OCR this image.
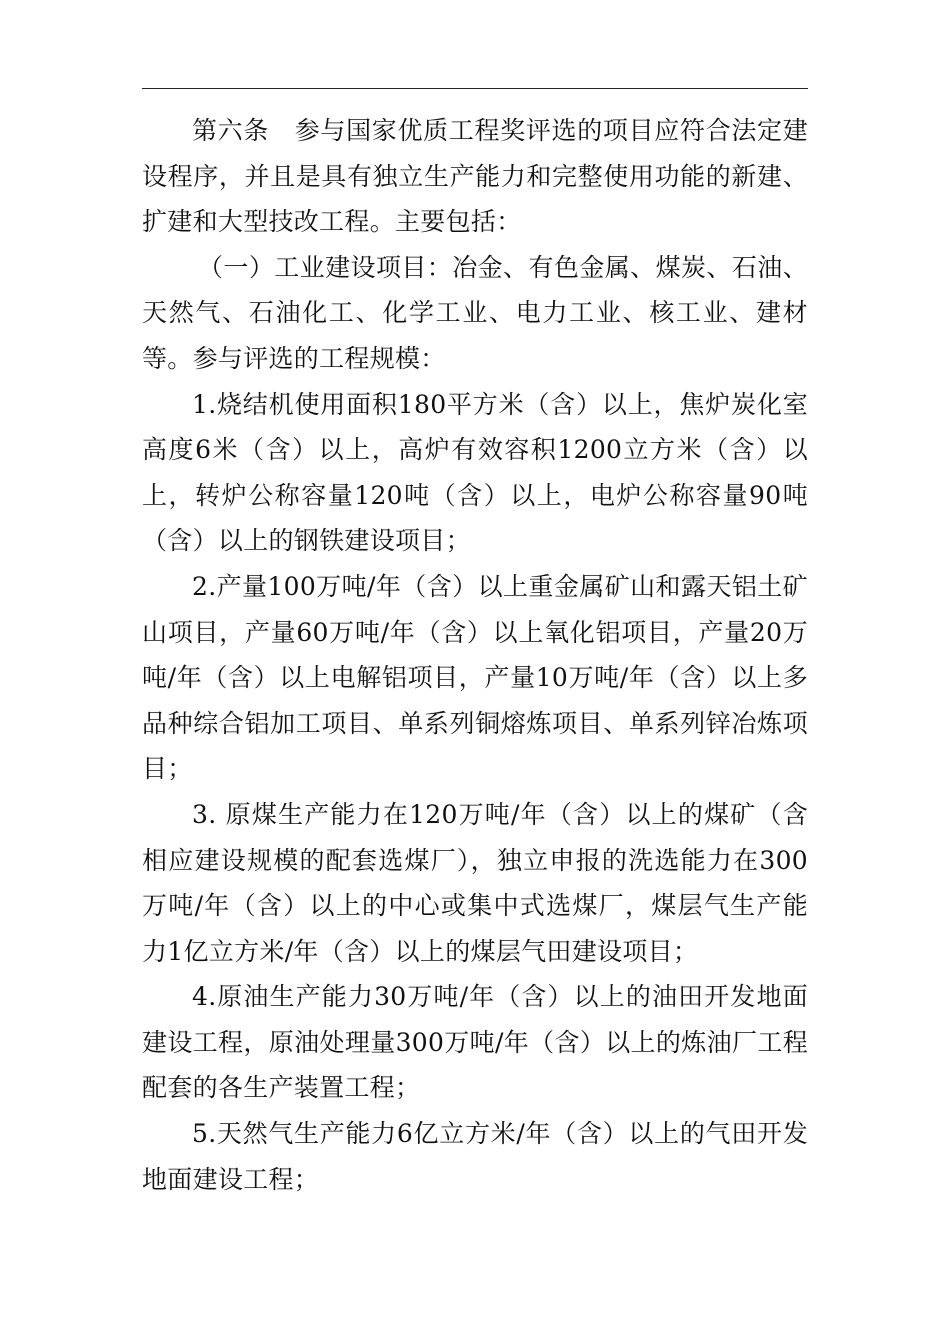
第六条　参与国家优质工程奖评选的项目应符合法定建设程序，并且是具有独立生产能力和完整使用功能的新建、扩建和大型技改工程。主要包括：

（一）工业建设项目：冶金、有色金属、煤炭、石油、天然气、石油化工、化学工业、电力工业、核工业、建材等。参与评选的工程规模：

1.烧结机使用面积180平方米（含）以上，焦炉炭化室高度6米（含）以上，高炉有效容积1200立方米（含）以上，转炉公称容量120吨（含）以上，电炉公称容量90吨（含）以上的钢铁建设项目；

2.产量100万吨/年（含）以上重金属矿山和露天铝土矿山项目，产量60万吨/年（含）以上氧化铝项目，产量20万吨/年（含）以上电解铝项目，产量10万吨/年（含）以上多品种综合铝加工项目、单系列铜熔炼项目、单系列锌冶炼项目；

3. 原煤生产能力在120万吨/年（含）以上的煤矿（含相应建设规模的配套选煤厂），独立申报的洗选能力在300万吨/年（含）以上的中心或集中式选煤厂，煤层气生产能力1亿立方米/年（含）以上的煤层气田建设项目；

4.原油生产能力30万吨/年（含）以上的油田开发地面建设工程，原油处理量300万吨/年（含）以上的炼油厂工程配套的各生产装置工程；

5.天然气生产能力6亿立方米/年（含）以上的气田开发地面建设工程；
